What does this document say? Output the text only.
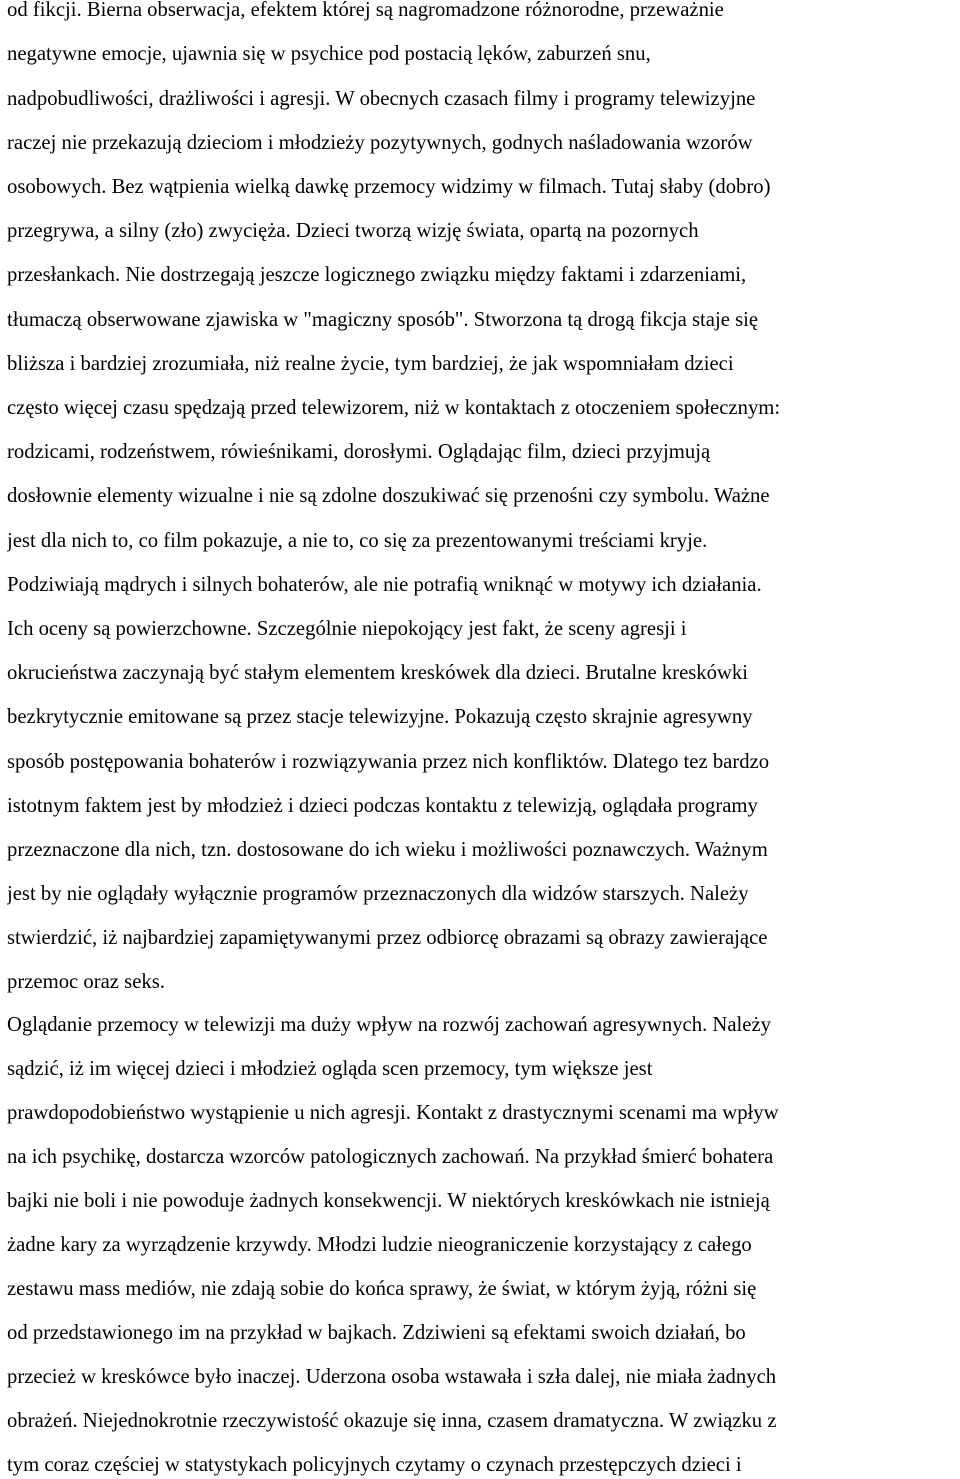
od fikcji. Bierna obserwacja, efektem której są nagromadzone różnorodne, przeważnie
negatywne emocje, ujawnia się w psychice pod postacią lęków, zaburzeń snu,
nadpobudliwości, drażliwości i agresji. W obecnych czasach filmy i programy telewizyjne
raczej nie przekazują dzieciom i młodzieży pozytywnych, godnych naśladowania wzorów
osobowych. Bez wątpienia wielką dawkę przemocy widzimy w filmach. Tutaj słaby (dobro)
przegrywa, a silny (zło) zwycięża. Dzieci tworzą wizję świata, opartą na pozornych
przesłankach. Nie dostrzegają jeszcze logicznego związku między faktami i zdarzeniami,
tłumaczą obserwowane zjawiska w "magiczny sposób". Stworzona tą drogą fikcja staje się
bliższa i bardziej zrozumiała, niż realne życie, tym bardziej, że jak wspomniałam dzieci
często więcej czasu spędzają przed telewizorem, niż w kontaktach z otoczeniem społecznym:
rodzicami, rodzeństwem, rówieśnikami, dorosłymi. Oglądając film, dzieci przyjmują
dosłownie elementy wizualne i nie są zdolne doszukiwać się przenośni czy symbolu. Ważne
jest dla nich to, co film pokazuje, a nie to, co się za prezentowanymi treściami kryje.
Podziwiają mądrych i silnych bohaterów, ale nie potrafią wniknąć w motywy ich działania.
Ich oceny są powierzchowne. Szczególnie niepokojący jest fakt, że sceny agresji i
okrucieństwa zaczynają być stałym elementem kreskówek dla dzieci. Brutalne kreskówki
bezkrytycznie emitowane są przez stacje telewizyjne. Pokazują często skrajnie agresywny
sposób postępowania bohaterów i rozwiązywania przez nich konfliktów. Dlatego tez bardzo
istotnym faktem jest by młodzież i dzieci podczas kontaktu z telewizją, oglądała programy
przeznaczone dla nich, tzn. dostosowane do ich wieku i możliwości poznawczych. Ważnym
jest by nie oglądały wyłącznie programów przeznaczonych dla widzów starszych. Należy
stwierdzić, iż najbardziej zapamiętywanymi przez odbiorcę obrazami są obrazy zawierające
przemoc oraz seks.
Oglądanie przemocy w telewizji ma duży wpływ na rozwój zachowań agresywnych. Należy
sądzić, iż im więcej dzieci i młodzież ogląda scen przemocy, tym większe jest
prawdopodobieństwo wystąpienie u nich agresji. Kontakt z drastycznymi scenami ma wpływ
na ich psychikę, dostarcza wzorców patologicznych zachowań. Na przykład śmierć bohatera
bajki nie boli i nie powoduje żadnych konsekwencji. W niektórych kreskówkach nie istnieją
żadne kary za wyrządzenie krzywdy. Młodzi ludzie nieograniczenie korzystający z całego
zestawu mass mediów, nie zdają sobie do końca sprawy, że świat, w którym żyją, różni się
od przedstawionego im na przykład w bajkach. Zdziwieni są efektami swoich działań, bo
przecież w kreskówce było inaczej. Uderzona osoba wstawała i szła dalej, nie miała żadnych
obrażeń. Niejednokrotnie rzeczywistość okazuje się inna, czasem dramatyczna. W związku z
tym coraz częściej w statystykach policyjnych czytamy o czynach przestępczych dzieci i
